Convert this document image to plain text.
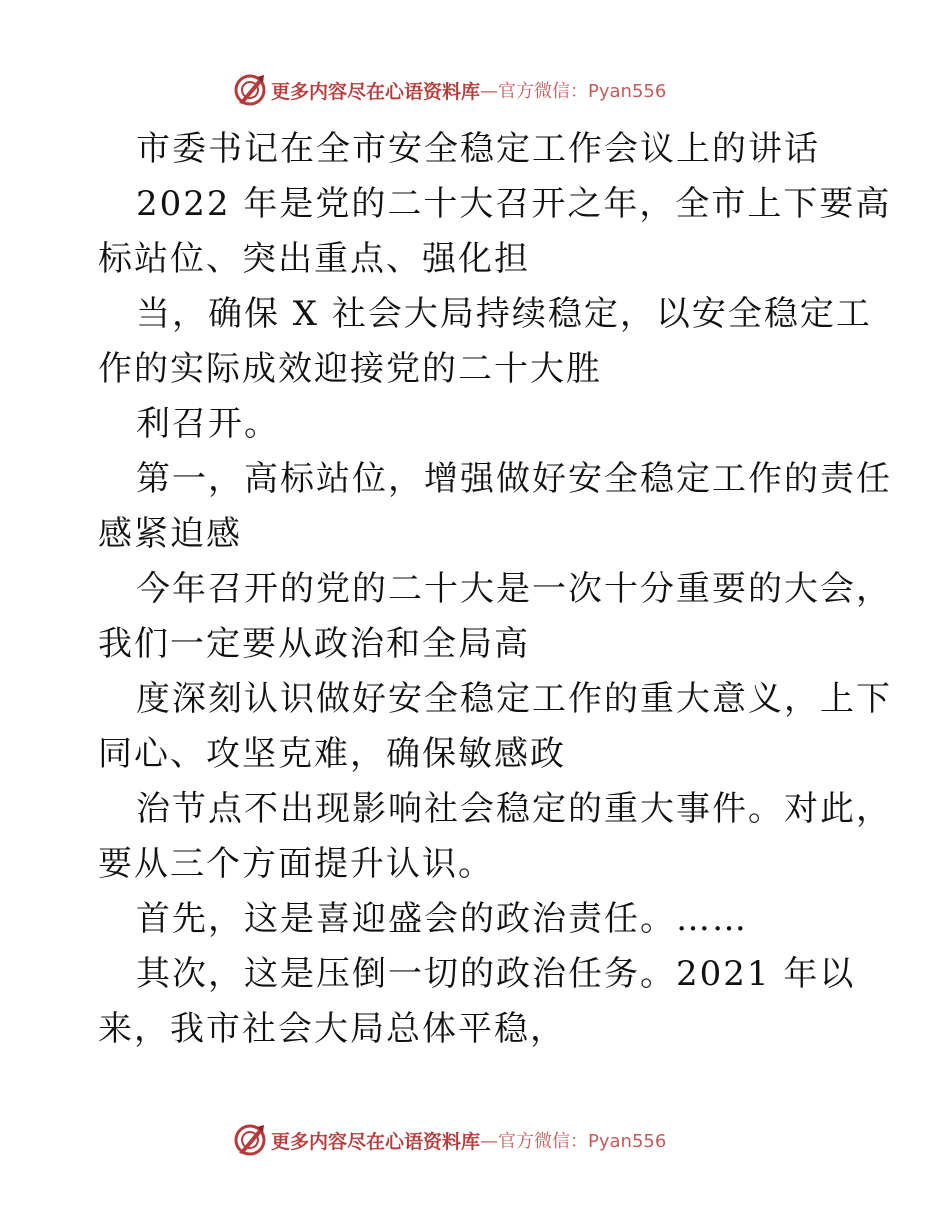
更多内容尽在心语资料库 —官方微信：Pyan556
市委书记在全市安全稳定工作会议上的讲话
2022 年是党的二十大召开之年，全市上下要高
标站位、突出重点、强化担
当，确保 X 社会大局持续稳定，以安全稳定工
作的实际成效迎接党的二十大胜
利召开。
第一，高标站位，增强做好安全稳定工作的责任
感紧迫感
今年召开的党的二十大是一次十分重要的大会，
我们一定要从政治和全局高
度深刻认识做好安全稳定工作的重大意义，上下
同心、攻坚克难，确保敏感政
治节点不出现影响社会稳定的重大事件。对此，
要从三个方面提升认识。
首先，这是喜迎盛会的政治责任。……
其次，这是压倒一切的政治任务。2021 年以
来，我市社会大局总体平稳，
更多内容尽在心语资料库 —官方微信：Pyan556
